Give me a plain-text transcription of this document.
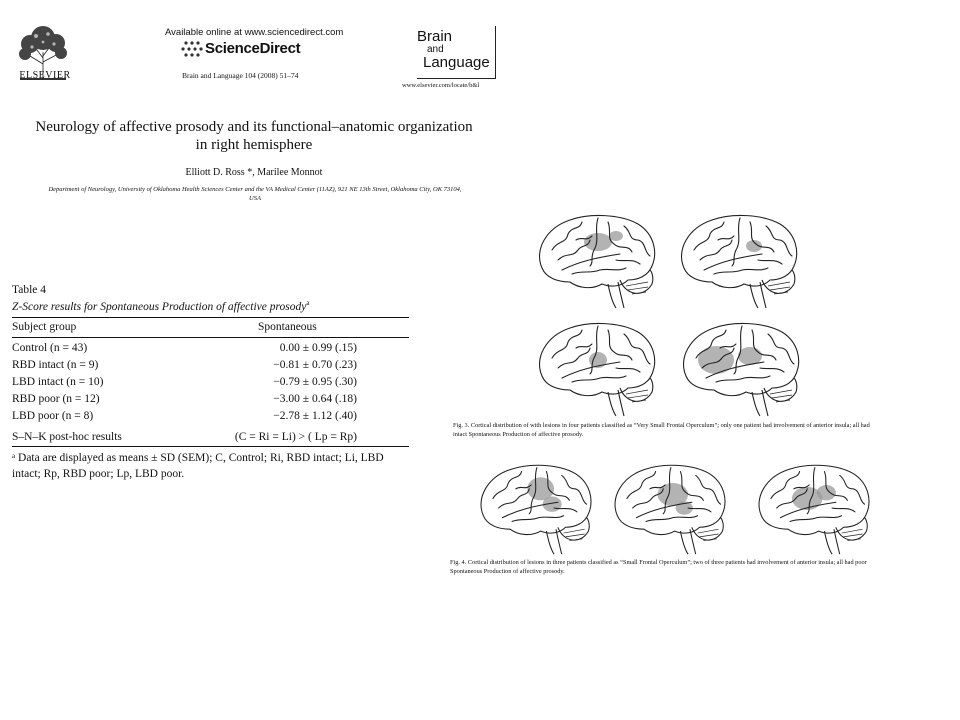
ELSEVIER
Available online at www.sciencedirect.com
ScienceDirect
Brain and Language 104 (2008) 51–74
Brain
and
Language
www.elsevier.com/locate/b&l
Neurology of affective prosody and its functional–anatomic organization in right hemisphere
Elliott D. Ross *, Marilee Monnot
Department of Neurology, University of Oklahoma Health Sciences Center and the VA Medical Center (11AZ), 921 NE 13th Street, Oklahoma City, OK 73104, USA
Table 4
Z-Score results for Spontaneous Production of affective prosody$^a$
Subject group	Spontaneous
Control (n = 43)	0.00 ± 0.99 (.15)
RBD intact (n = 9)	−0.81 ± 0.70 (.23)
LBD intact (n = 10)	−0.79 ± 0.95 (.30)
RBD poor (n = 12)	−3.00 ± 0.64 (.18)
LBD poor (n = 8)	−2.78 ± 1.12 (.40)
S–N–K post-hoc results	(C = Ri = Li) > ( Lp = Rp)
ᵃ Data are displayed as means ± SD (SEM); C, Control; Ri, RBD intact; Li, LBD intact; Rp, RBD poor; Lp, LBD poor.
Fig. 3. Cortical distribution of with lesions in four patients classified as “Very Small Frontal Operculum”; only one patient had involvement of anterior insula; all had intact Spontaneous Production of affective prosody.
Fig. 4. Cortical distribution of lesions in three patients classified as “Small Frontal Operculum”; two of three patients had involvement of anterior insula; all had poor Spontaneous Production of affective prosody.
